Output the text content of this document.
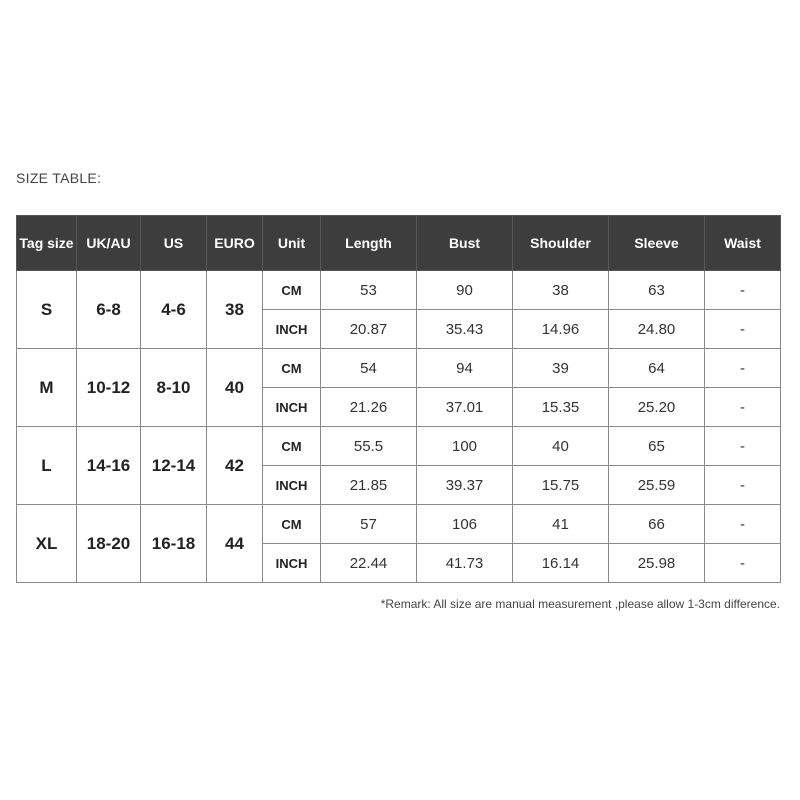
SIZE TABLE:
Tag size	UK/AU	US	EURO	Unit	Length	Bust	Shoulder	Sleeve	Waist
S	6-8	4-6	38	CM	53	90	38	63	-
				INCH	20.87	35.43	14.96	24.80	-
M	10-12	8-10	40	CM	54	94	39	64	-
				INCH	21.26	37.01	15.35	25.20	-
L	14-16	12-14	42	CM	55.5	100	40	65	-
				INCH	21.85	39.37	15.75	25.59	-
XL	18-20	16-18	44	CM	57	106	41	66	-
				INCH	22.44	41.73	16.14	25.98	-
*Remark: All size are manual measurement ,please allow 1-3cm difference.
